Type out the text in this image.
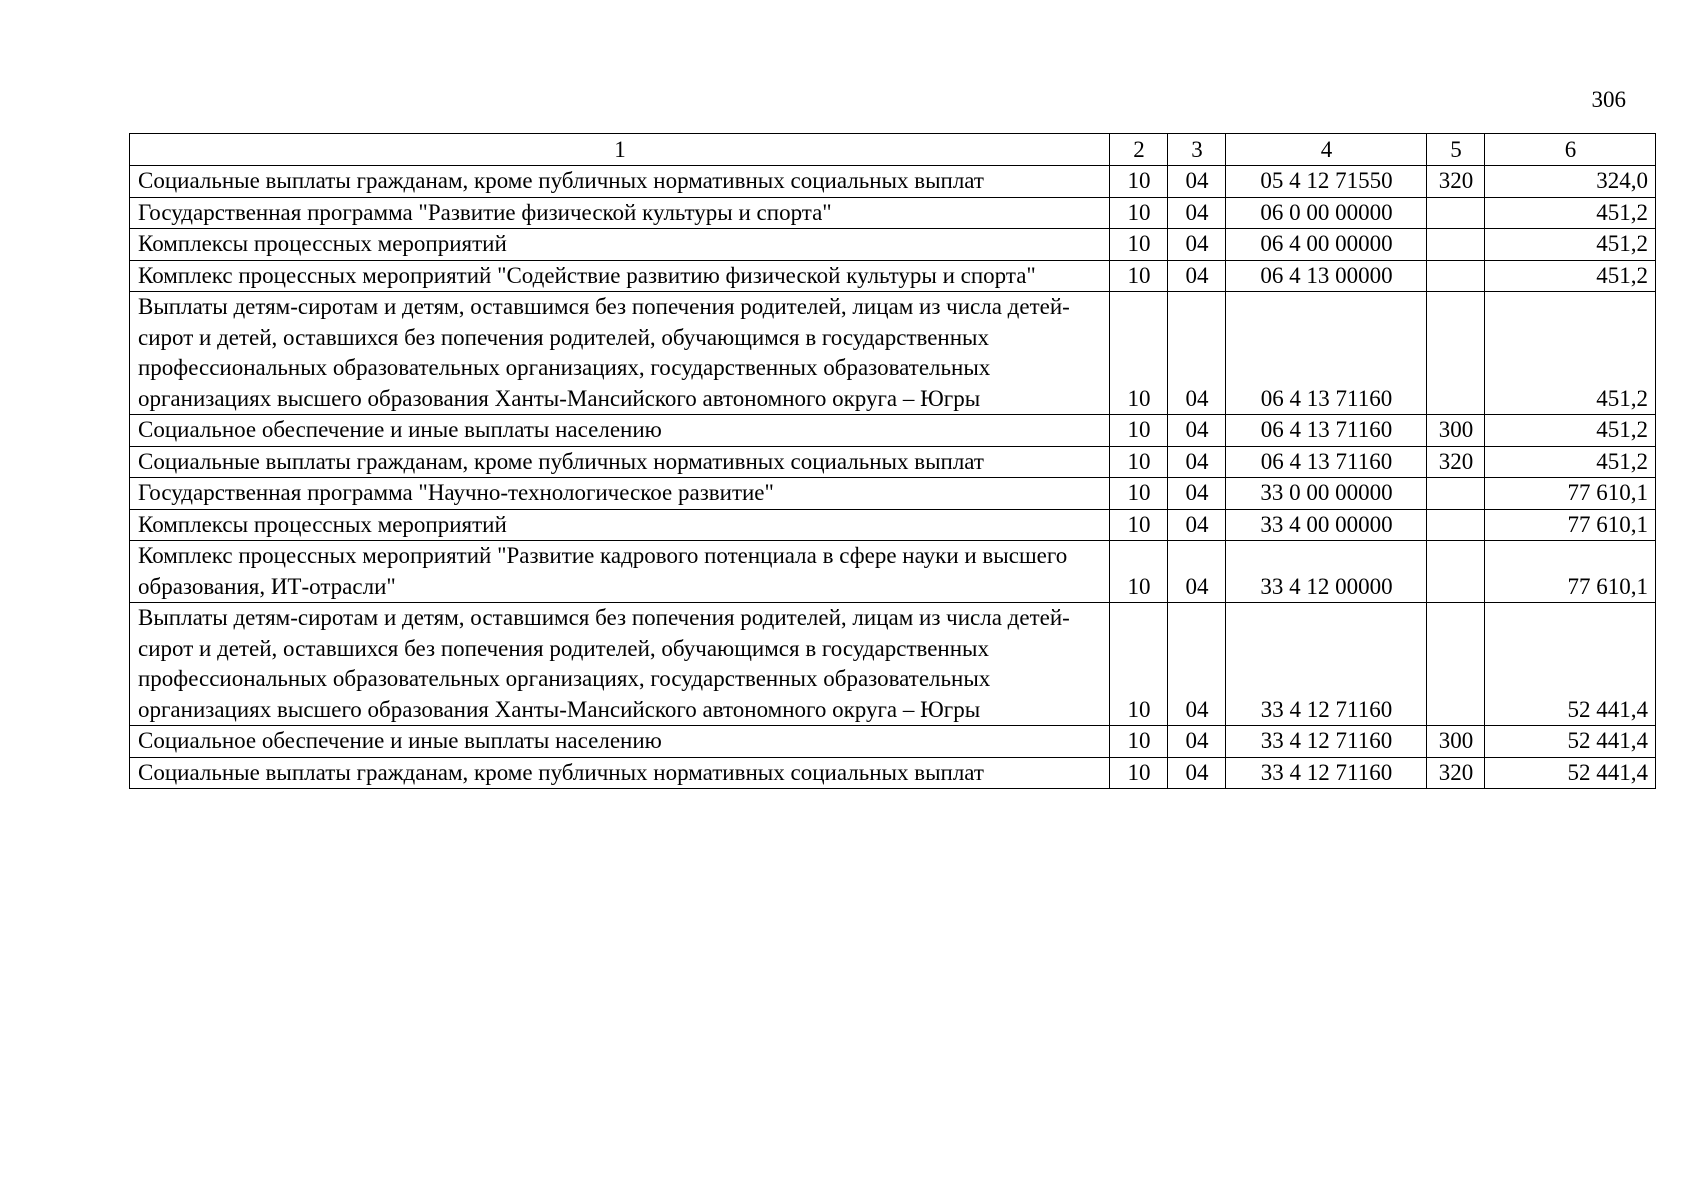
306
1	2	3	4	5	6
Социальные выплаты гражданам, кроме публичных нормативных социальных выплат	10	04	05 4 12 71550	320	324,0
Государственная программа "Развитие физической культуры и спорта"	10	04	06 0 00 00000		451,2
Комплексы процессных мероприятий	10	04	06 4 00 00000		451,2
Комплекс процессных мероприятий "Содействие развитию физической культуры и спорта"	10	04	06 4 13 00000		451,2
Выплаты детям-сиротам и детям, оставшимся без попечения родителей, лицам из числа детей-сирот и детей, оставшихся без попечения родителей, обучающимся в государственных профессиональных образовательных организациях, государственных образовательных организациях высшего образования Ханты-Мансийского автономного округа – Югры	10	04	06 4 13 71160		451,2
Социальное обеспечение и иные выплаты населению	10	04	06 4 13 71160	300	451,2
Социальные выплаты гражданам, кроме публичных нормативных социальных выплат	10	04	06 4 13 71160	320	451,2
Государственная программа "Научно-технологическое развитие"	10	04	33 0 00 00000		77 610,1
Комплексы процессных мероприятий	10	04	33 4 00 00000		77 610,1
Комплекс процессных мероприятий "Развитие кадрового потенциала в сфере науки и высшего образования, ИТ-отрасли"	10	04	33 4 12 00000		77 610,1
Выплаты детям-сиротам и детям, оставшимся без попечения родителей, лицам из числа детей-сирот и детей, оставшихся без попечения родителей, обучающимся в государственных профессиональных образовательных организациях, государственных образовательных организациях высшего образования Ханты-Мансийского автономного округа – Югры	10	04	33 4 12 71160		52 441,4
Социальное обеспечение и иные выплаты населению	10	04	33 4 12 71160	300	52 441,4
Социальные выплаты гражданам, кроме публичных нормативных социальных выплат	10	04	33 4 12 71160	320	52 441,4
